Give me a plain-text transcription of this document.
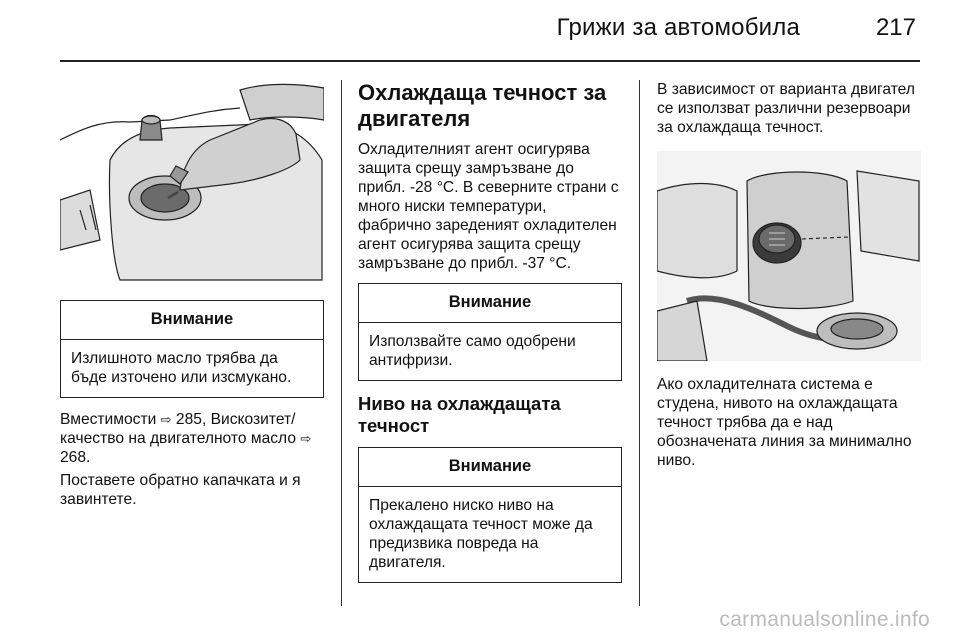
Грижи за автомобила	217
Внимание
Излишното масло трябва да бъде източено или изсмукано.

Вместимости ⇨ 285, Вискозитет/ качество на двигателното масло ⇨ 268.

Поставете обратно капачката и я завинтете.

Охлаждаща течност за двигателя

Охладителният агент осигурява защита срещу замръзване до прибл. -28 °C. В северните страни с много ниски температури, фабрично зареденият охладителен агент осигурява защита срещу замръзване до прибл. -37 °C.

Внимание
Използвайте само одобрени антифризи.
Ниво на охлаждащата течност
Внимание
Прекалено ниско ниво на охлаждащата течност може да предизвика повреда на двигателя.

В зависимост от варианта двигател се използват различни резервоари за охлаждаща течност.

Ако охладителната система е студена, нивото на охлаждащата течност трябва да е над обозначената линия за минимално ниво.

carmanualsonline.info
